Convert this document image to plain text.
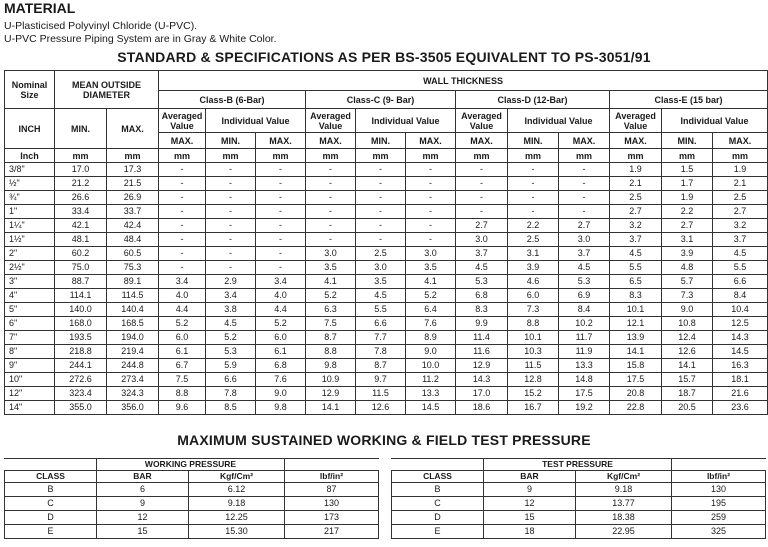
MATERIAL
U-Plasticised Polyvinyl Chloride (U-PVC).
U-PVC Pressure Piping System are in Gray & White Color.
STANDARD & SPECIFICATIONS AS PER BS-3505 EQUIVALENT TO PS-3051/91
Nominal Size	MEAN OUTSIDE DIAMETER		WALL THICKNESS											
			Class-B (6-Bar)			Class-C (9- Bar)			Class-D (12-Bar)			Class-E (15 bar)		
INCH	MIN.	MAX.	Averaged Value	Individual Value		Averaged Value	Individual Value		Averaged Value	Individual Value		Averaged Value	Individual Value	
			MAX.	MIN.	MAX.	MAX.	MIN.	MAX.	MAX.	MIN.	MAX.	MAX.	MIN.	MAX.
Inch	mm	mm	mm	mm	mm	mm	mm	mm	mm	mm	mm	mm	mm	mm
3/8"	17.0	17.3	-	-	-	-	-	-	-	-	-	1.9	1.5	1.9
½"	21.2	21.5	-	-	-	-	-	-	-	-	-	2.1	1.7	2.1
¾"	26.6	26.9	-	-	-	-	-	-	-	-	-	2.5	1.9	2.5
1"	33.4	33.7	-	-	-	-	-	-	-	-	-	2.7	2.2	2.7
1¼"	42.1	42.4	-	-	-	-	-	-	2.7	2.2	2.7	3.2	2.7	3.2
1½"	48.1	48.4	-	-	-	-	-	-	3.0	2.5	3.0	3.7	3.1	3.7
2"	60.2	60.5	-	-	-	3.0	2.5	3.0	3.7	3.1	3.7	4.5	3.9	4.5
2½"	75.0	75.3	-	-	-	3.5	3.0	3.5	4.5	3.9	4.5	5.5	4.8	5.5
3"	88.7	89.1	3.4	2.9	3.4	4.1	3.5	4.1	5.3	4.6	5.3	6.5	5.7	6.6
4"	114.1	114.5	4.0	3.4	4.0	5.2	4.5	5.2	6.8	6.0	6.9	8.3	7.3	8.4
5"	140.0	140.4	4.4	3.8	4.4	6.3	5.5	6.4	8.3	7.3	8.4	10.1	9.0	10.4
6"	168.0	168.5	5.2	4.5	5.2	7.5	6.6	7.6	9.9	8.8	10.2	12.1	10.8	12.5
7"	193.5	194.0	6.0	5.2	6.0	8.7	7.7	8.9	11.4	10.1	11.7	13.9	12.4	14.3
8"	218.8	219.4	6.1	5.3	6.1	8.8	7.8	9.0	11.6	10.3	11.9	14.1	12.6	14.5
9"	244.1	244.8	6.7	5.9	6.8	9.8	8.7	10.0	12.9	11.5	13.3	15.8	14.1	16.3
10"	272.6	273.4	7.5	6.6	7.6	10.9	9.7	11.2	14.3	12.8	14.8	17.5	15.7	18.1
12"	323.4	324.3	8.8	7.8	9.0	12.9	11.5	13.3	17.0	15.2	17.5	20.8	18.7	21.6
14"	355.0	356.0	9.6	8.5	9.8	14.1	12.6	14.5	18.6	16.7	19.2	22.8	20.5	23.6
MAXIMUM SUSTAINED WORKING & FIELD TEST PRESSURE
	WORKING PRESSURE		
CLASS	BAR	Kgf/Cm²	lbf/in²
B	6	6.12	87
C	9	9.18	130
D	12	12.25	173
E	15	15.30	217
	TEST PRESSURE		
CLASS	BAR	Kgf/Cm²	lbf/in²
B	9	9.18	130
C	12	13.77	195
D	15	18.38	259
E	18	22.95	325
